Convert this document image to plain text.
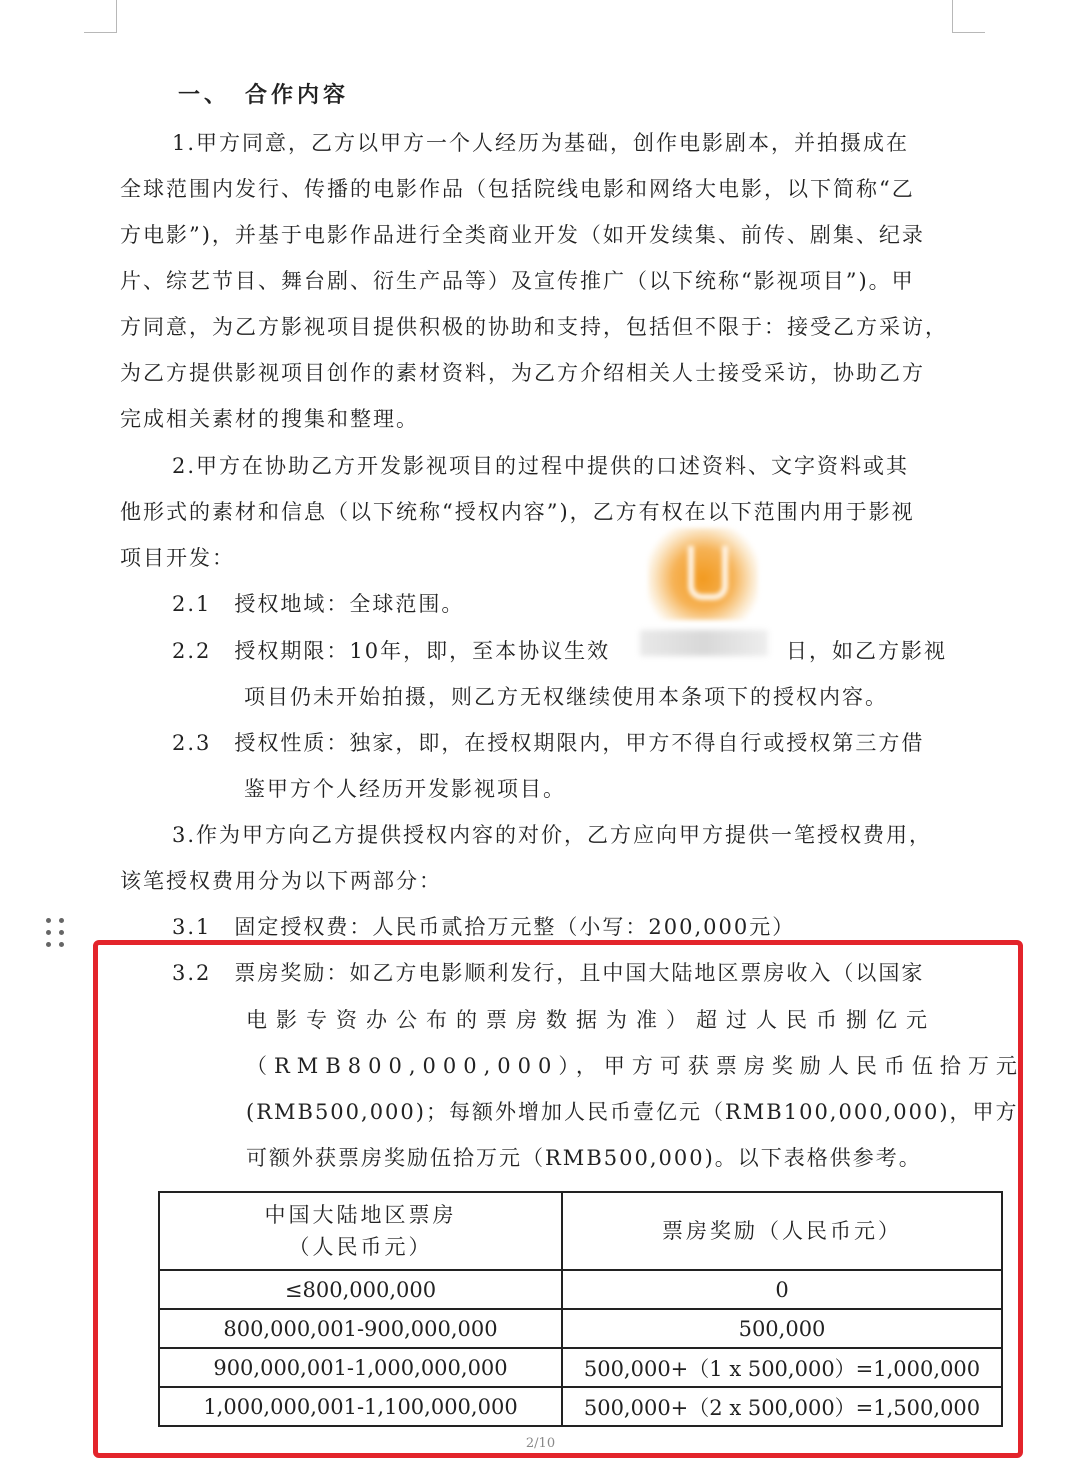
一、　合作内容
1.甲方同意，乙方以甲方一个人经历为基础，创作电影剧本，并拍摄成在
全球范围内发行、传播的电影作品（包括院线电影和网络大电影，以下简称“乙
方电影”)，并基于电影作品进行全类商业开发（如开发续集、前传、剧集、纪录
片、综艺节目、舞台剧、衍生产品等）及宣传推广（以下统称“影视项目”)。甲
方同意，为乙方影视项目提供积极的协助和支持，包括但不限于：接受乙方采访，
为乙方提供影视项目创作的素材资料，为乙方介绍相关人士接受采访，协助乙方
完成相关素材的搜集和整理。
2.甲方在协助乙方开发影视项目的过程中提供的口述资料、文字资料或其
他形式的素材和信息（以下统称“授权内容”)，乙方有权在以下范围内用于影视
项目开发：
2.1　授权地域：全球范围。
2.2　授权期限：10年，即，至本协议生效	日，如乙方影视
项目仍未开始拍摄，则乙方无权继续使用本条项下的授权内容。
2.3　授权性质：独家，即，在授权期限内，甲方不得自行或授权第三方借
鉴甲方个人经历开发影视项目。
3.作为甲方向乙方提供授权内容的对价，乙方应向甲方提供一笔授权费用，
该笔授权费用分为以下两部分：
3.1　固定授权费：人民币贰拾万元整（小写：200,000元）
3.2　票房奖励：如乙方电影顺利发行，且中国大陆地区票房收入（以国家
电影专资办公布的票房数据为准）超过人民币捌亿元
（RMB800,000,000），甲方可获票房奖励人民币伍拾万元
(RMB500,000)；每额外增加人民币壹亿元（RMB100,000,000)，甲方
可额外获票房奖励伍拾万元（RMB500,000)。以下表格供参考。
中国大陆地区票房
（人民币元）	票房奖励（人民币元）
≤800,000,000	0
800,000,001-900,000,000	500,000
900,000,001-1,000,000,000	500,000+（1 x 500,000）=1,000,000
1,000,000,001-1,100,000,000	500,000+（2 x 500,000）=1,500,000
2/10
